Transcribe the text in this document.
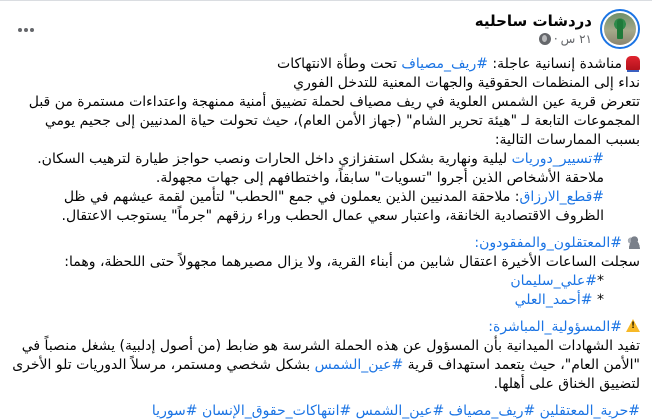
دردشات ساحليه
٢١ س
·

مناشدة إنسانية عاجلة: #ريف_مصياف تحت وطأة الانتهاكات

نداء إلى المنظمات الحقوقية والجهات المعنية للتدخل الفوري

تتعرض قرية عين الشمس العلوية في ريف مصياف لحملة تضييق أمنية ممنهجة واعتداءات مستمرة من قبل المجموعات التابعة لـ "هيئة تحرير الشام" (جهاز الأمن العام)، حيث تحولت حياة المدنيين إلى جحيم يومي بسبب الممارسات التالية:

#تسيير_دوريات ليلية ونهارية بشكل استفزازي داخل الحارات ونصب حواجز طيارة لترهيب السكان.

ملاحقة الأشخاص الذين أجروا "تسويات" سابقاً، واختطافهم إلى جهات مجهولة.

#قطع_الارزاق: ملاحقة المدنيين الذين يعملون في جمع "الحطب" لتأمين لقمة عيشهم في ظل الظروف الاقتصادية الخانقة، واعتبار سعي عمال الحطب وراء رزقهم "جرماً" يستوجب الاعتقال.

#المعتقلون_والمفقودون:

سجلت الساعات الأخيرة اعتقال شابين من أبناء القرية، ولا يزال مصيرهما مجهولاً حتى اللحظة، وهما:

*#علي_سليمان

* #أحمد_العلي

!#المسؤولية_المباشرة:

تفيد الشهادات الميدانية بأن المسؤول عن هذه الحملة الشرسة هو ضابط (من أصول إدلبية) يشغل منصباً في "الأمن العام"، حيث يتعمد استهداف قرية #عين_الشمس بشكل شخصي ومستمر، مرسلاً الدوريات تلو الأخرى لتضييق الخناق على أهلها.

#حرية_المعتقلين #ريف_مصياف #عين_الشمس #انتهاكات_حقوق_الإنسان #سوريا
